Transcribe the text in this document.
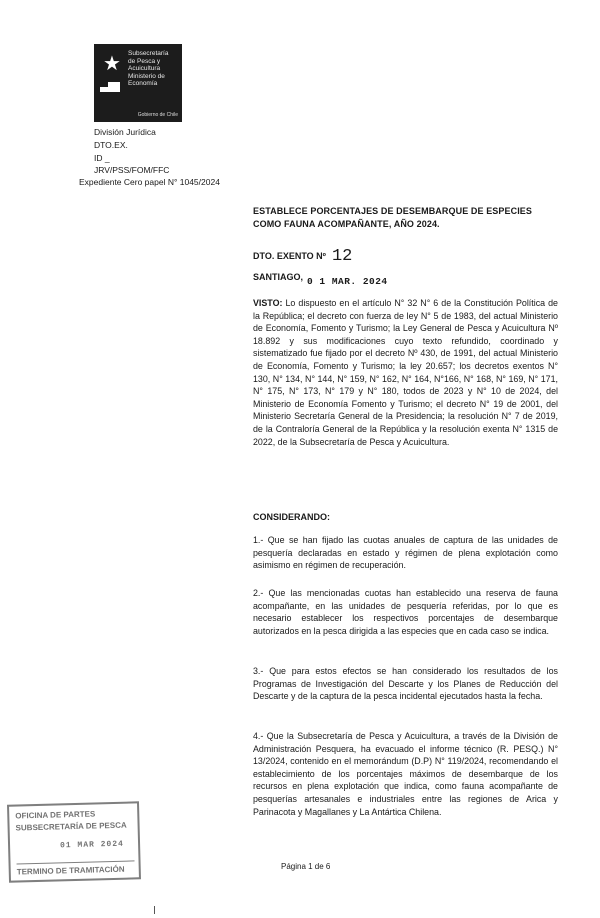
★	Subsecretaría
de Pesca y
Acuicultura
Ministerio de
Economía
Gobierno de Chile
División Jurídica
DTO.EX.
ID _
JRV/PSS/FOM/FFC
Expediente Cero papel N° 1045/2024
ESTABLECE PORCENTAJES DE DESEMBARQUE DE ESPECIES COMO FAUNA ACOMPAÑANTE, AÑO 2024.
DTO. EXENTO Nº 12
SANTIAGO, 0 1 MAR. 2024
VISTO: Lo dispuesto en el artículo N° 32 N° 6 de la Constitución Política de la República; el decreto con fuerza de ley N° 5 de 1983, del actual Ministerio de Economía, Fomento y Turismo; la Ley General de Pesca y Acuicultura Nº 18.892 y sus modificaciones cuyo texto refundido, coordinado y sistematizado fue fijado por el decreto Nº 430, de 1991, del actual Ministerio de Economía, Fomento y Turismo; la ley 20.657; los decretos exentos N° 130, N° 134, N° 144, N° 159, N° 162, N° 164, N°166, N° 168, N° 169, N° 171, N° 175, N° 173, N° 179 y N° 180, todos de 2023 y N° 10 de 2024, del Ministerio de Economía Fomento y Turismo; el decreto N° 19 de 2001, del Ministerio Secretaría General de la Presidencia; la resolución N° 7 de 2019, de la Contraloría General de la República y la resolución exenta N° 1315 de 2022, de la Subsecretaría de Pesca y Acuicultura.
CONSIDERANDO:
1.- Que se han fijado las cuotas anuales de captura de las unidades de pesquería declaradas en estado y régimen de plena explotación como asimismo en régimen de recuperación.
2.- Que las mencionadas cuotas han establecido una reserva de fauna acompañante, en las unidades de pesquería referidas, por lo que es necesario establecer los respectivos porcentajes de desembarque autorizados en la pesca dirigida a las especies que en cada caso se indica.
3.- Que para estos efectos se han considerado los resultados de los Programas de Investigación del Descarte y los Planes de Reducción del Descarte y de la captura de la pesca incidental ejecutados hasta la fecha.
4.- Que la Subsecretaría de Pesca y Acuicultura, a través de la División de Administración Pesquera, ha evacuado el informe técnico (R. PESQ.) N° 13/2024, contenido en el memorándum (D.P) N° 119/2024, recomendando el establecimiento de los porcentajes máximos de desembarque de los recursos en plena explotación que indica, como fauna acompañante de pesquerías artesanales e industriales entre las regiones de Arica y Parinacota y Magallanes y La Antártica Chilena.
OFICINA DE PARTES
SUBSECRETARÍA DE PESCA
01 MAR 2024
TERMINO DE TRAMITACIÓN	Página 1 de 6
